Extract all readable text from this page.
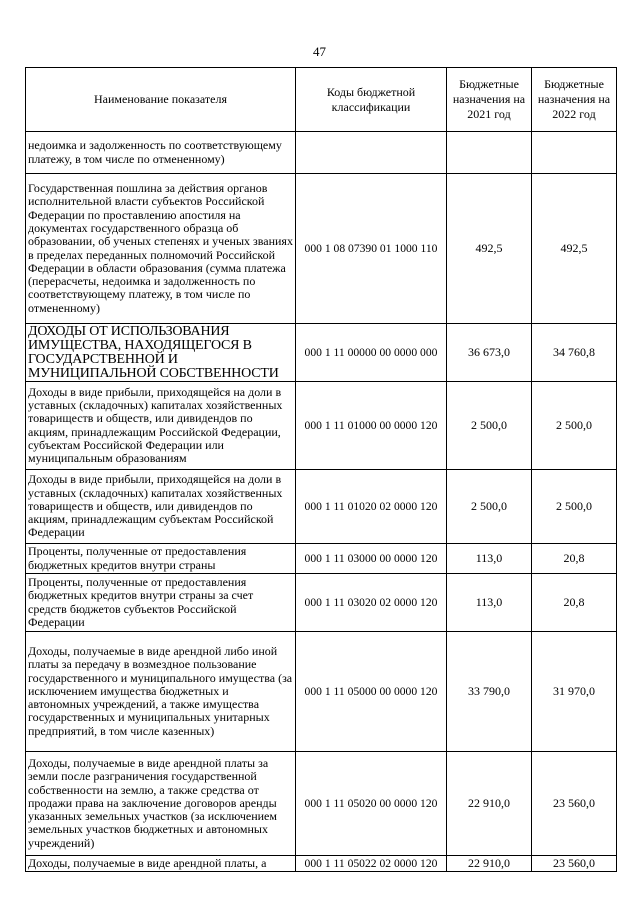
47
Наименование показателя	Коды бюджетной классификации	Бюджетные назначения на 2021 год	Бюджетные назначения на 2022 год
недоимка и задолженность по соответствующему платежу, в том числе по отмененному)			
Государственная пошлина за действия органов исполнительной власти субъектов Российской Федерации по проставлению апостиля на документах государственного образца об образовании, об ученых степенях и ученых званиях в пределах переданных полномочий Российской Федерации в области образования (сумма платежа (перерасчеты, недоимка и задолженность по соответствующему платежу, в том числе по отмененному)	000 1 08 07390 01 1000 110	492,5	492,5
ДОХОДЫ ОТ ИСПОЛЬЗОВАНИЯ ИМУЩЕСТВА, НАХОДЯЩЕГОСЯ В ГОСУДАРСТВЕННОЙ И МУНИЦИПАЛЬНОЙ СОБСТВЕННОСТИ	000 1 11 00000 00 0000 000	36 673,0	34 760,8
Доходы в виде прибыли, приходящейся на доли в уставных (складочных) капиталах хозяйственных товариществ и обществ, или дивидендов по акциям, принадлежащим Российской Федерации, субъектам Российской Федерации или муниципальным образованиям	000 1 11 01000 00 0000 120	2 500,0	2 500,0
Доходы в виде прибыли, приходящейся на доли в уставных (складочных) капиталах хозяйственных товариществ и обществ, или дивидендов по акциям, принадлежащим субъектам Российской Федерации	000 1 11 01020 02 0000 120	2 500,0	2 500,0
Проценты, полученные от предоставления бюджетных кредитов внутри страны	000 1 11 03000 00 0000 120	113,0	20,8
Проценты, полученные от предоставления бюджетных кредитов внутри страны за счет средств бюджетов субъектов Российской Федерации	000 1 11 03020 02 0000 120	113,0	20,8
Доходы, получаемые в виде арендной либо иной платы за передачу в возмездное пользование государственного и муниципального имущества (за исключением имущества бюджетных и автономных учреждений, а также имущества государственных и муниципальных унитарных предприятий, в том числе казенных)	000 1 11 05000 00 0000 120	33 790,0	31 970,0
Доходы, получаемые в виде арендной платы за земли после разграничения государственной собственности на землю, а также средства от продажи права на заключение договоров аренды указанных земельных участков (за исключением земельных участков бюджетных и автономных учреждений)	000 1 11 05020 00 0000 120	22 910,0	23 560,0
Доходы, получаемые в виде арендной платы, а	000 1 11 05022 02 0000 120	22 910,0	23 560,0
